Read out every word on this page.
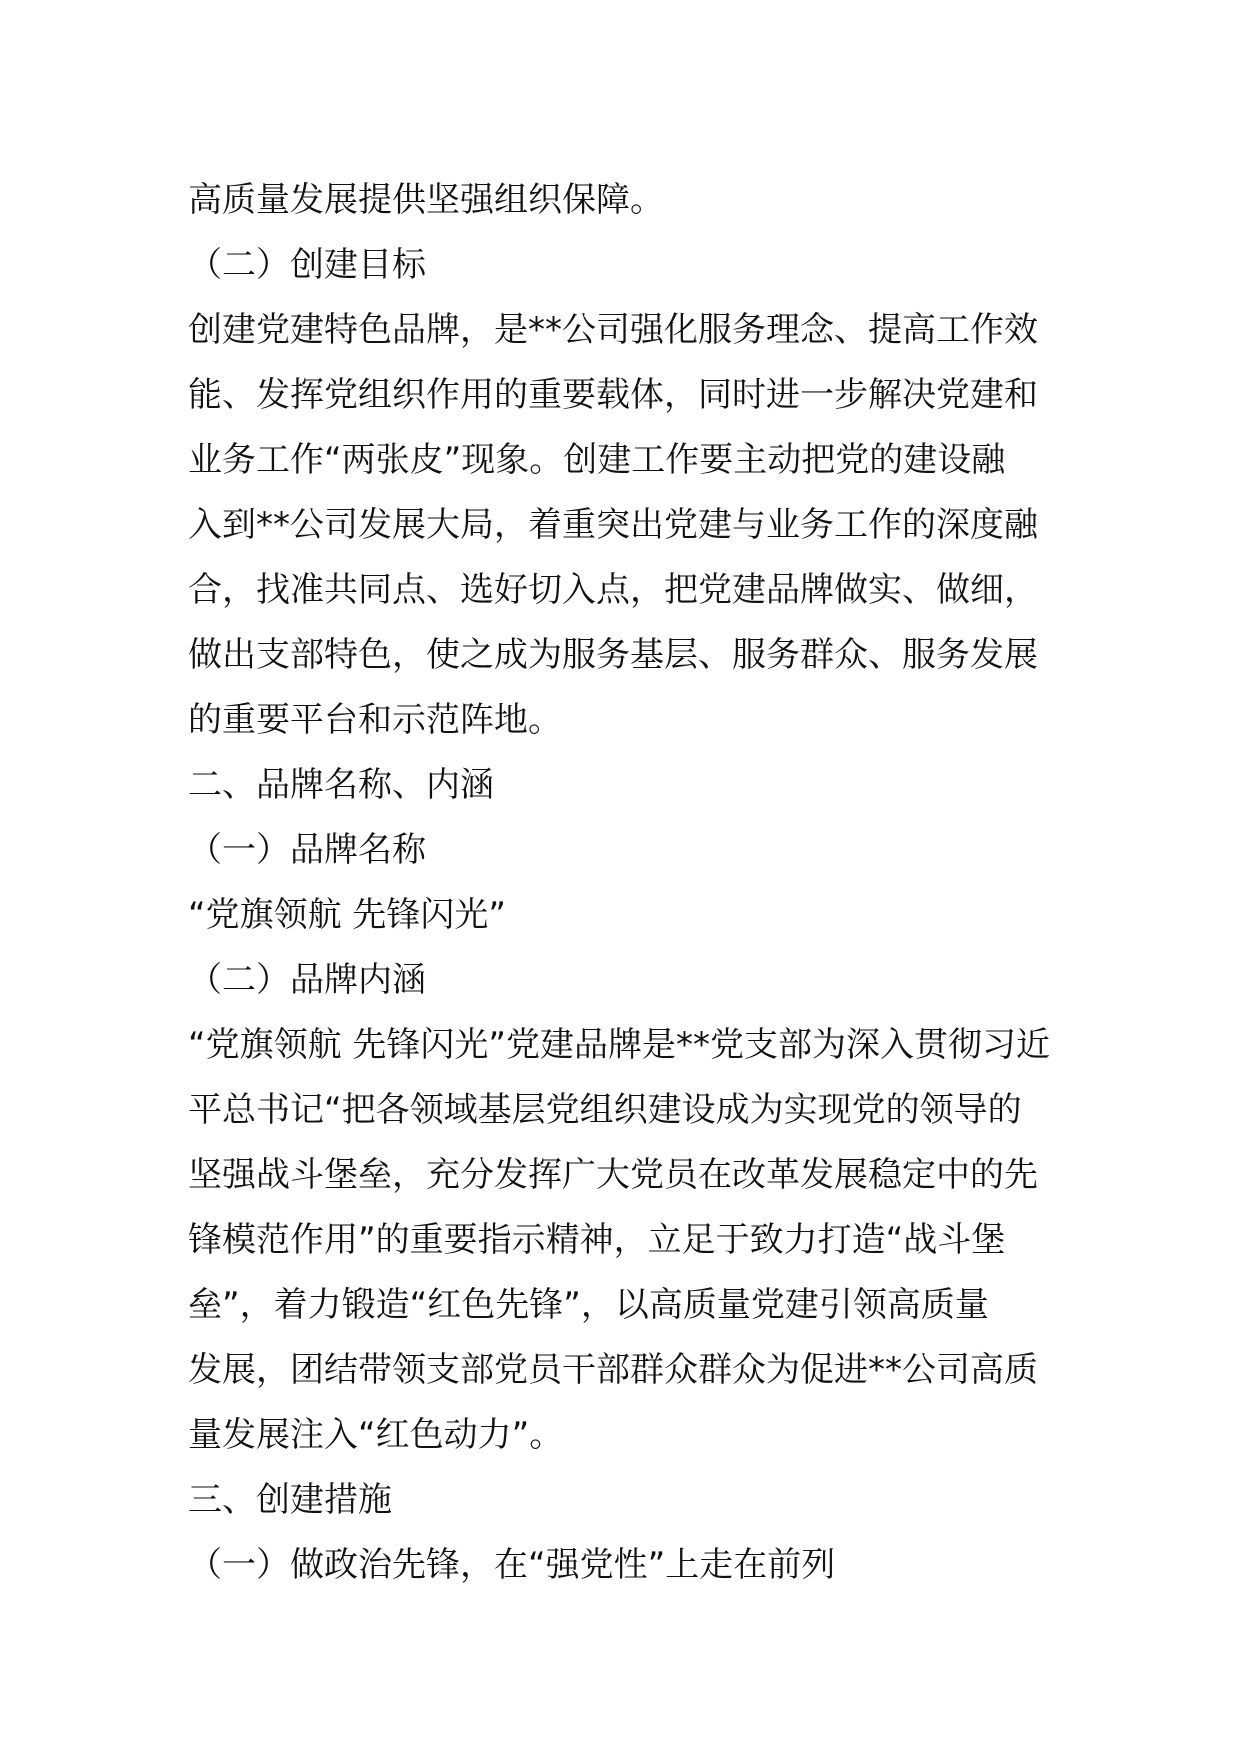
高质量发展提供坚强组织保障。
（二）创建目标
创建党建特色品牌，是**公司强化服务理念、提高工作效
能、发挥党组织作用的重要载体，同时进一步解决党建和
业务工作“两张皮”现象。创建工作要主动把党的建设融
入到**公司发展大局，着重突出党建与业务工作的深度融
合，找准共同点、选好切入点，把党建品牌做实、做细，
做出支部特色，使之成为服务基层、服务群众、服务发展
的重要平台和示范阵地。
二、品牌名称、内涵
（一）品牌名称
“党旗领航 先锋闪光”
（二）品牌内涵
“党旗领航 先锋闪光”党建品牌是**党支部为深入贯彻习近
平总书记“把各领域基层党组织建设成为实现党的领导的
坚强战斗堡垒，充分发挥广大党员在改革发展稳定中的先
锋模范作用”的重要指示精神，立足于致力打造“战斗堡
垒”，着力锻造“红色先锋”，以高质量党建引领高质量
发展，团结带领支部党员干部群众群众为促进**公司高质
量发展注入“红色动力”。
三、创建措施
（一）做政治先锋，在“强党性”上走在前列
